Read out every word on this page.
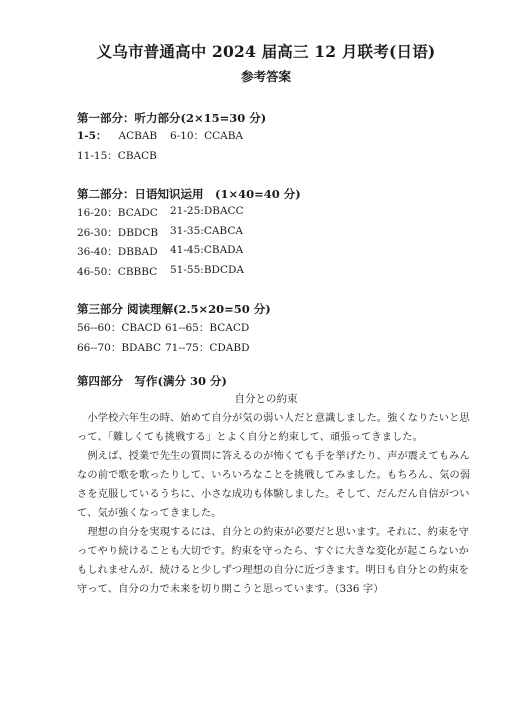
义乌市普通高中 2024 届高三 12 月联考(日语)
参考答案
第一部分：听力部分(2×15=30 分)
1-5： ACBAB 6-10：CCABA
11-15：CBACB
第二部分：日语知识运用　(1×40=40 分)
16-20：BCADC 21-25:DBACC
26-30：DBDCB 31-35:CABCA
36-40：DBBAD 41-45:CBADA
46-50：CBBBC 51-55:BDCDA
第三部分 阅读理解(2.5×20=50 分)
56--60：CBACD 61--65：BCACD
66--70：BDABC 71--75：CDABD
第四部分　写作(满分 30 分)
自分との約束
　小学校六年生の時、始めて自分が気の弱い人だと意識しました。強くなりたいと思
って、「難しくても挑戦する」とよく自分と約束して、頑張ってきました。
　例えば、授業で先生の質問に答えるのが怖くても手を挙げたり、声が震えてもみん
なの前で歌を歌ったりして、いろいろなことを挑戦してみました。もちろん、気の弱
さを克服しているうちに、小さな成功も体験しました。そして、だんだん自信がつい
て、気が強くなってきました。
　理想の自分を実現するには、自分との約束が必要だと思います。それに、約束を守
ってやり続けることも大切です。約束を守ったら、すぐに大きな変化が起こらないか
もしれませんが、続けると少しずつ理想の自分に近づきます。明日も自分との約束を
守って、自分の力で未来を切り開こうと思っています。（336 字）
